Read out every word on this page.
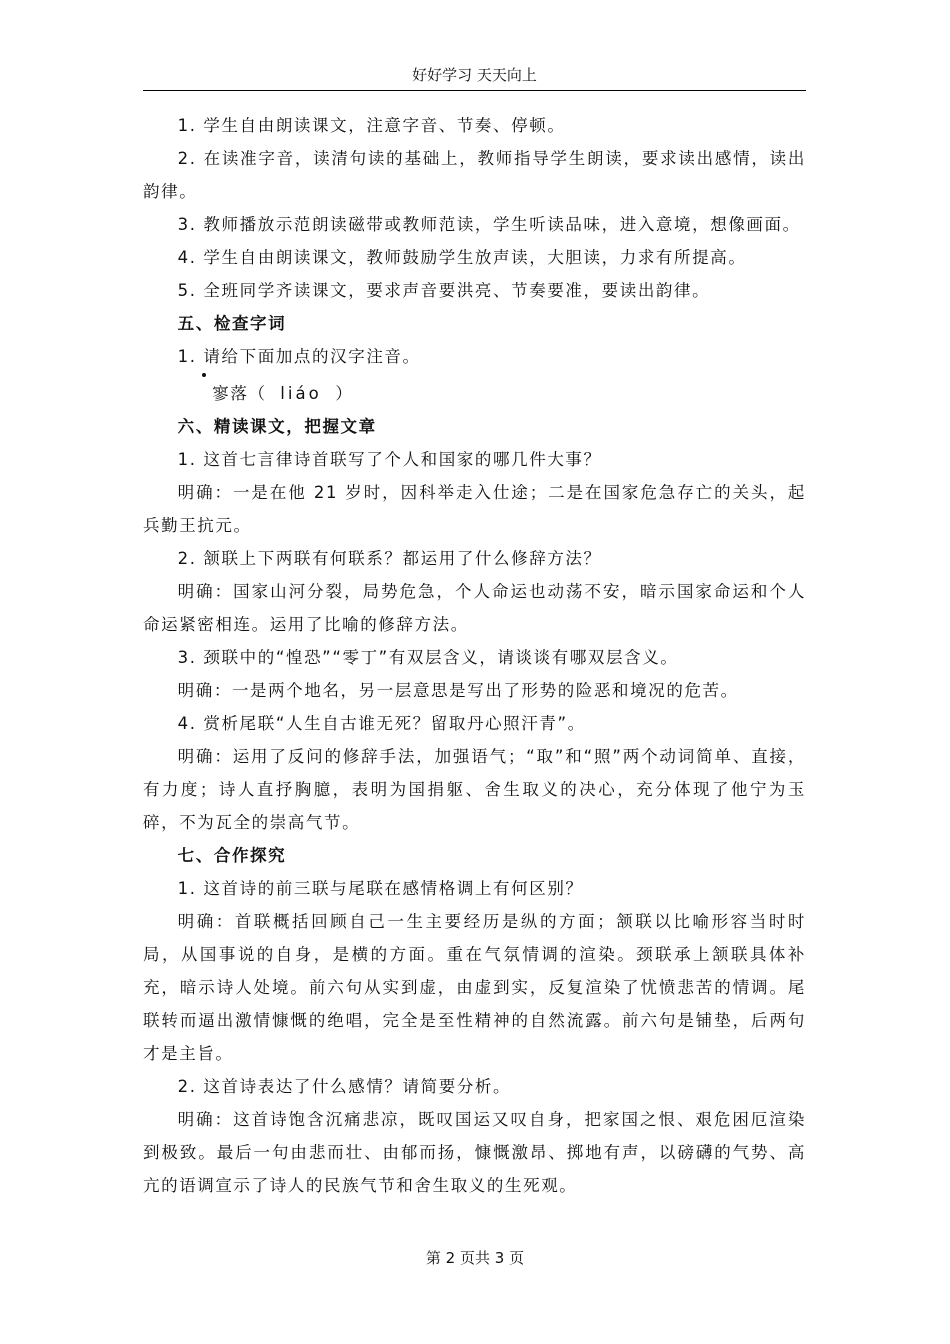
好好学习 天天向上

1. 学生自由朗读课文，注意字音、节奏、停顿。

2. 在读准字音，读清句读的基础上，教师指导学生朗读，要求读出感情，读出韵律。

3. 教师播放示范朗读磁带或教师范读，学生听读品味，进入意境，想像画面。

4. 学生自由朗读课文，教师鼓励学生放声读，大胆读，力求有所提高。

5. 全班同学齐读课文，要求声音要洪亮、节奏要准，要读出韵律。

五、检查字词

1. 请给下面加点的汉字注音。

寥落（ liáo ）

六、精读课文，把握文章

1. 这首七言律诗首联写了个人和国家的哪几件大事？

明确：一是在他 21 岁时，因科举走入仕途；二是在国家危急存亡的关头，起兵勤王抗元。

2. 颔联上下两联有何联系？都运用了什么修辞方法？

明确：国家山河分裂，局势危急，个人命运也动荡不安，暗示国家命运和个人命运紧密相连。运用了比喻的修辞方法。

3. 颈联中的“惶恐”“零丁”有双层含义，请谈谈有哪双层含义。

明确：一是两个地名，另一层意思是写出了形势的险恶和境况的危苦。

4. 赏析尾联“人生自古谁无死？留取丹心照汗青”。

明确：运用了反问的修辞手法，加强语气；“取”和“照”两个动词简单、直接，有力度；诗人直抒胸臆，表明为国捐躯、舍生取义的决心，充分体现了他宁为玉碎，不为瓦全的崇高气节。

七、合作探究

1. 这首诗的前三联与尾联在感情格调上有何区别？

明确：首联概括回顾自己一生主要经历是纵的方面；颔联以比喻形容当时时局，从国事说的自身，是横的方面。重在气氛情调的渲染。颈联承上颔联具体补充，暗示诗人处境。前六句从实到虚，由虚到实，反复渲染了忧愤悲苦的情调。尾联转而逼出激情慷慨的绝唱，完全是至性精神的自然流露。前六句是铺垫，后两句才是主旨。

2. 这首诗表达了什么感情？请简要分析。

明确：这首诗饱含沉痛悲凉，既叹国运又叹自身，把家国之恨、艰危困厄渲染到极致。最后一句由悲而壮、由郁而扬，慷慨激昂、掷地有声，以磅礴的气势、高亢的语调宣示了诗人的民族气节和舍生取义的生死观。

第 2 页共 3 页
